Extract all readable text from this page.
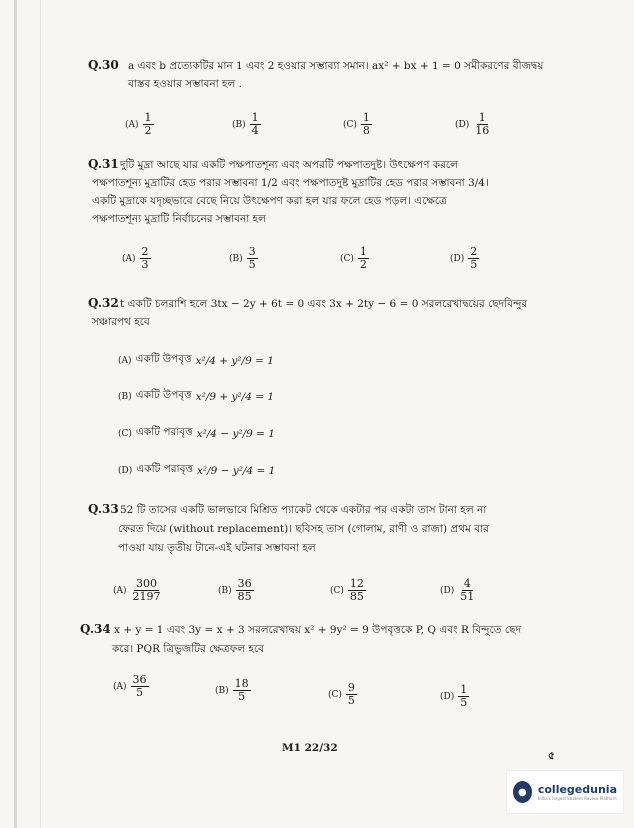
Q.30 a এবং b প্রত্যেকটির মান 1 এবং 2 হওয়ার সম্ভাব্যা সমান। ax² + bx + 1 = 0 সমীকরণের বীজদ্বয়
বাস্তব হওয়ার সম্ভাবনা হল .
$(A) \frac{1}{2}$	$(B) \frac{1}{4}$	$(C) \frac{1}{8}$	$(D) \frac{1}{16}$
Q.31 দুটি মুদ্রা আছে যার একটি পক্ষপাতশূন্য এবং অপরটি পক্ষপাতদুষ্ট। উৎক্ষেপণ করলে
পক্ষপাতশূন্য মুদ্রাটির হেড পরার সম্ভাবনা 1/2 এবং পক্ষপাতদুষ্ট মুদ্রাটির হেড পরার সম্ভাবনা 3/4।
একটি মুদ্রাকে যদৃচ্ছভাবে বেছে নিয়ে উৎক্ষেপণ করা হল যার ফলে হেড পড়ল। এক্ষেত্রে
পক্ষপাতশূন্য মুদ্রাটি নির্বাচনের সম্ভাবনা হল
$(A) \frac{2}{3}$	$(B) \frac{3}{5}$	$(C) \frac{1}{2}$	$(D) \frac{2}{5}$
Q.32 t একটি চলরাশি হলে 3tx − 2y + 6t = 0 এবং 3x + 2ty − 6 = 0 সরলরেখাদ্বয়ের ছেদবিন্দুর
সঞ্চারপথ হবে
(A) একটি উপবৃত্ত x²/4 + y²/9 = 1
(B) একটি উপবৃত্ত x²/9 + y²/4 = 1
(C) একটি পরাবৃত্ত x²/4 − y²/9 = 1
(D) একটি পরাবৃত্ত x²/9 − y²/4 = 1
Q.33 52 টি তাসের একটি ভালভাবে মিশ্রিত প্যাকেট থেকে একটার পর একটা তাস টানা হল না
ফেরত দিয়ে (without replacement)। ছবিসহ তাস (গোলাম, রাণী ও রাজা) প্রথম বার
পাওয়া যায় তৃতীয় টানে-এই ঘটনার সম্ভাবনা হল
$(A) \frac{300}{2197}$	$(B) \frac{36}{85}$	$(C) \frac{12}{85}$	$(D) \frac{4}{51}$
Q.34 x + y = 1 এবং 3y = x + 3 সরলরেখাদ্বয় x² + 9y² = 9 উপবৃত্তকে P, Q এবং R বিন্দুতে ছেদ
করে। PQR ত্রিভুজটির ক্ষেত্রফল হবে
$(A) \frac{36}{5}$	$(B) \frac{18}{5}$	$(C) \frac{9}{5}$	$(D) \frac{1}{5}$
M1 22/32
৫
●	collegedunia
India's largest Student Review Platform
